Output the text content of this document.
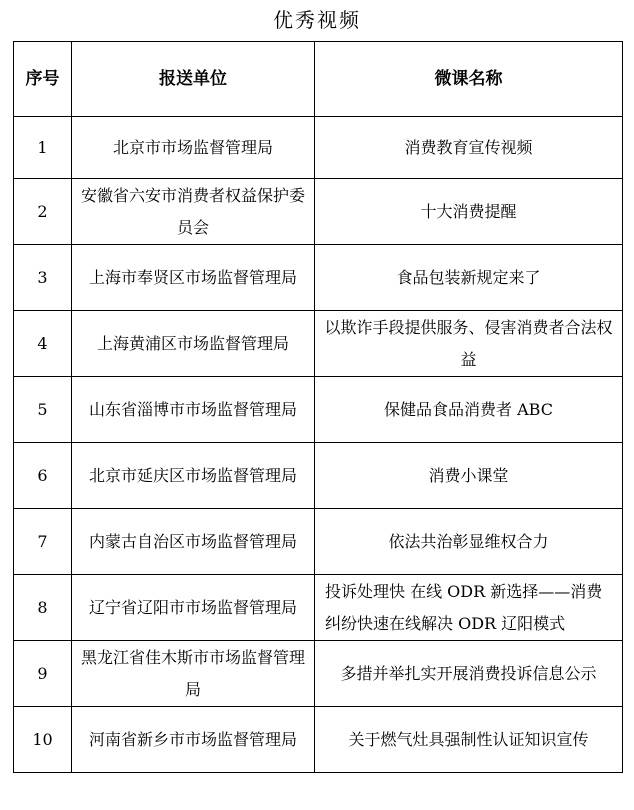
优秀视频
序号	报送单位	微课名称
1	北京市市场监督管理局	消费教育宣传视频
2	安徽省六安市消费者权益保护委员会	十大消费提醒
3	上海市奉贤区市场监督管理局	食品包装新规定来了
4	上海黄浦区市场监督管理局	以欺诈手段提供服务、侵害消费者合法权益
5	山东省淄博市市场监督管理局	保健品食品消费者 ABC
6	北京市延庆区市场监督管理局	消费小课堂
7	内蒙古自治区市场监督管理局	依法共治彰显维权合力
8	辽宁省辽阳市市场监督管理局	投诉处理快 在线 ODR 新选择——消费纠纷快速在线解决 ODR 辽阳模式
9	黑龙江省佳木斯市市场监督管理局	多措并举扎实开展消费投诉信息公示
10	河南省新乡市市场监督管理局	关于燃气灶具强制性认证知识宣传
